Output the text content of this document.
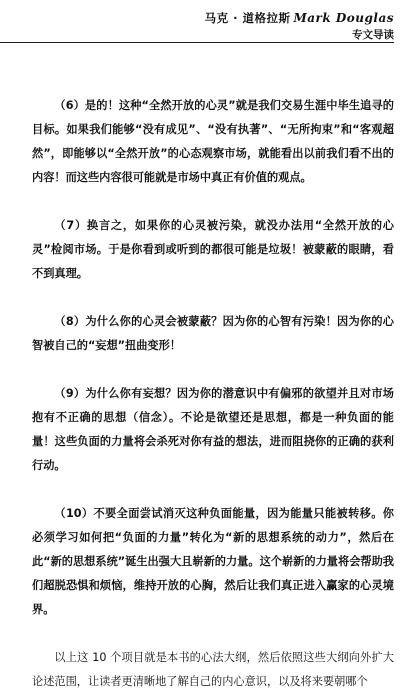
马克 · 道格拉斯 Mark Douglas
专文导读

（6）是的！这种“全然开放的心灵”就是我们交易生涯中毕生追寻的目标。如果我们能够“没有成见”、“没有执著”、“无所拘束”和“客观超然”，即能够以“全然开放”的心态观察市场，就能看出以前我们看不出的内容！而这些内容很可能就是市场中真正有价值的观点。

（7）换言之，如果你的心灵被污染，就没办法用“全然开放的心灵”检阅市场。于是你看到或听到的都很可能是垃圾！被蒙蔽的眼睛，看不到真理。

（8）为什么你的心灵会被蒙蔽？因为你的心智有污染！因为你的心智被自己的“妄想”扭曲变形！

（9）为什么你有妄想？因为你的潜意识中有偏邪的欲望并且对市场抱有不正确的思想（信念）。不论是欲望还是思想，都是一种负面的能量！这些负面的力量将会杀死对你有益的想法，进而阻挠你的正确的获利行动。

（10）不要全面尝试消灭这种负面能量，因为能量只能被转移。你必须学习如何把“负面的力量”转化为“新的思想系统的动力”，然后在此“新的思想系统”诞生出强大且崭新的力量。这个崭新的力量将会帮助我们超脱恐惧和烦恼，维持开放的心胸，然后让我们真正进入赢家的心灵境界。

以上这 10 个项目就是本书的心法大纲，然后依照这些大纲向外扩大论述范围，让读者更清晰地了解自己的内心意识，以及将来要朝哪个
